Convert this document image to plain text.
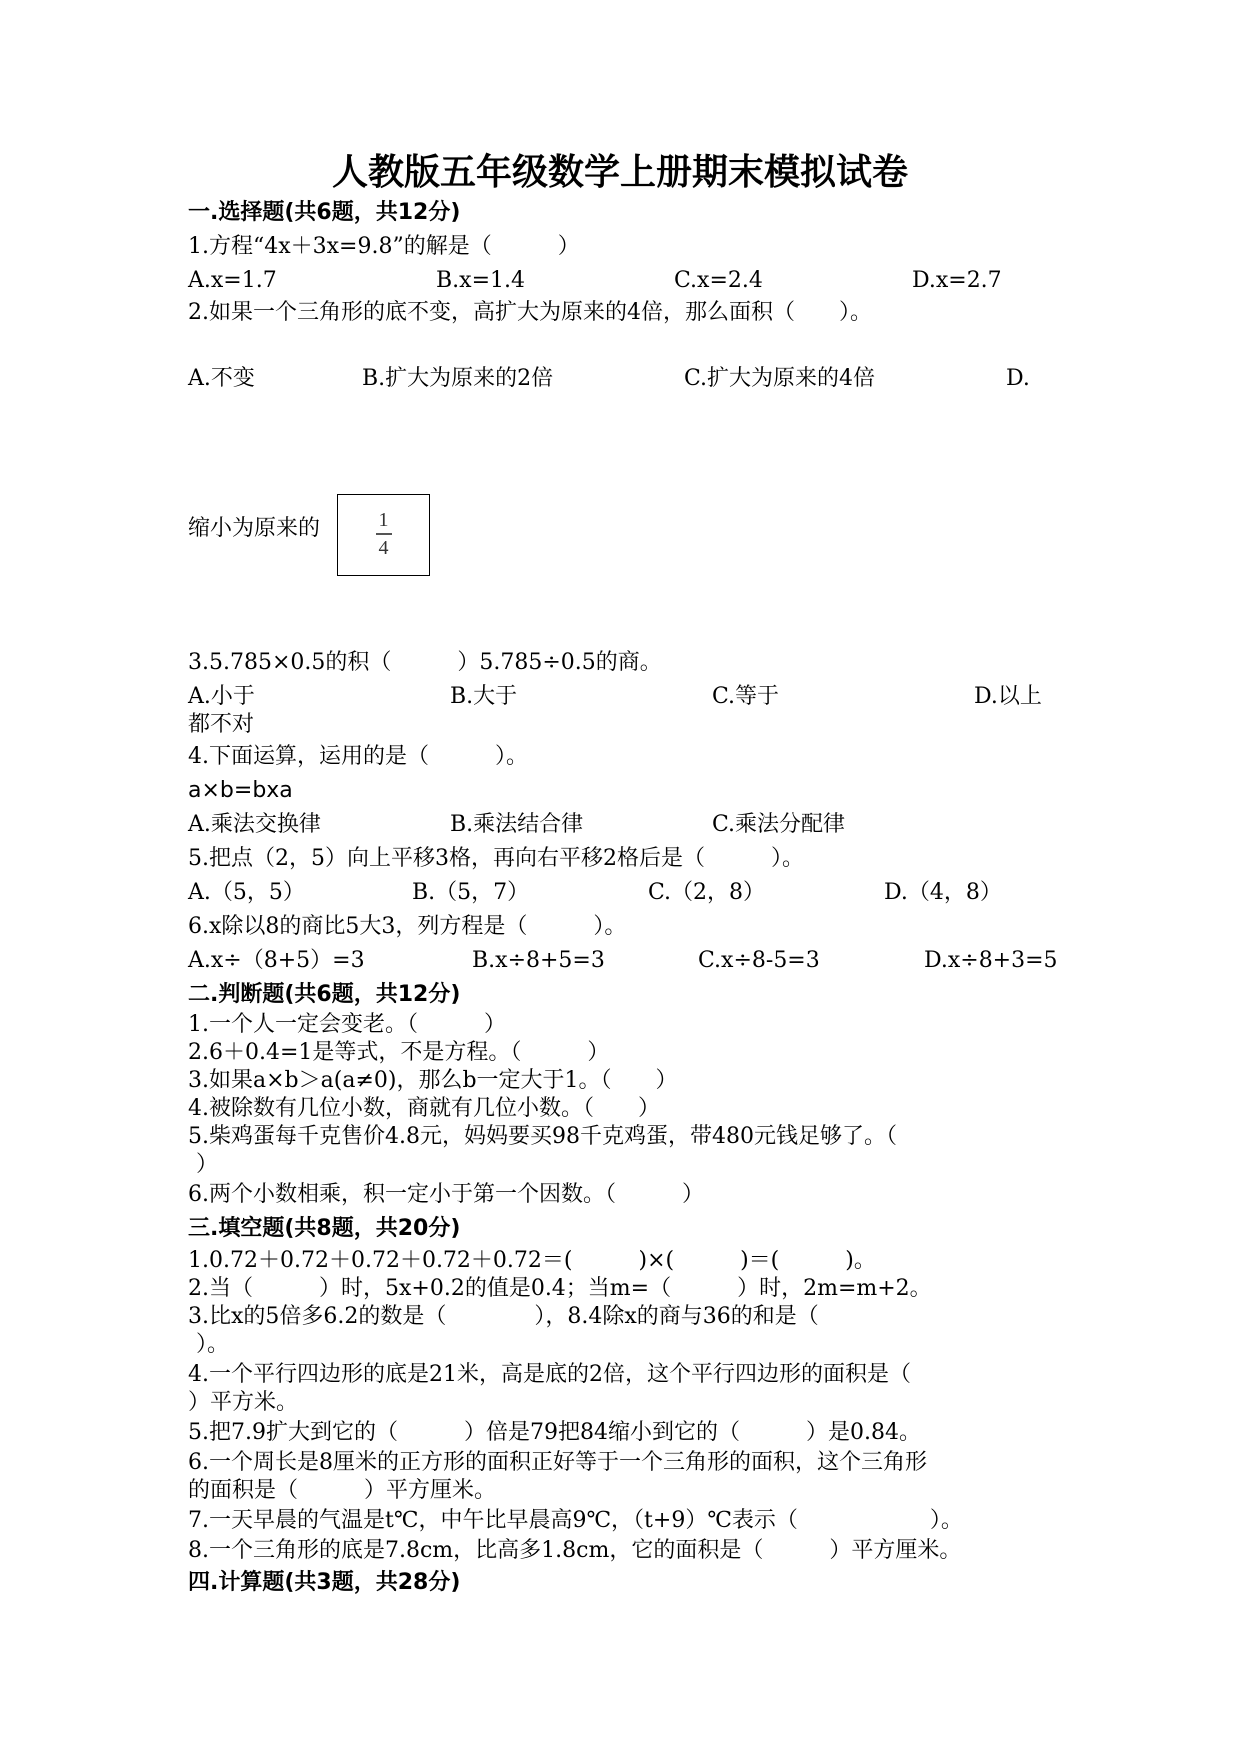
人教版五年级数学上册期末模拟试卷
一.选择题(共6题，共12分)
1.方程“4x＋3x=9.8”的解是（　　　）
A.x=1.7	B.x=1.4	C.x=2.4	D.x=2.7
2.如果一个三角形的底不变，高扩大为原来的4倍，那么面积（　　）。
A.不变	B.扩大为原来的2倍	C.扩大为原来的4倍	D.
缩小为原来的	1
4
3.5.785×0.5的积（　　　）5.785÷0.5的商。
A.小于	B.大于	C.等于	D.以上
都不对
4.下面运算，运用的是（　　　）。
a×b=bxa
A.乘法交换律	B.乘法结合律	C.乘法分配律
5.把点（2，5）向上平移3格，再向右平移2格后是（　　　）。
A.（5，5）	B.（5，7）	C.（2，8）	D.（4，8）
6.x除以8的商比5大3，列方程是（　　　）。
A.x÷（8+5）=3	B.x÷8+5=3	C.x÷8-5=3	D.x÷8+3=5
二.判断题(共6题，共12分)
1.一个人一定会变老。（　　　）
2.6＋0.4=1是等式，不是方程。（　　　）
3.如果a×b＞a(a≠0)，那么b一定大于1。（　　）
4.被除数有几位小数，商就有几位小数。（　　）
5.柴鸡蛋每千克售价4.8元，妈妈要买98千克鸡蛋，带480元钱足够了。（
）
6.两个小数相乘，积一定小于第一个因数。（　　　）
三.填空题(共8题，共20分)
1.0.72＋0.72＋0.72＋0.72＋0.72＝(　　　)×(　　　)＝(　　　)。
2.当（　　　）时，5x+0.2的值是0.4；当m=（　　　）时，2m=m+2。
3.比x的5倍多6.2的数是（　　　　），8.4除x的商与36的和是（
）。
4.一个平行四边形的底是21米，高是底的2倍，这个平行四边形的面积是（
）平方米。
5.把7.9扩大到它的（　　　）倍是79把84缩小到它的（　　　）是0.84。
6.一个周长是8厘米的正方形的面积正好等于一个三角形的面积，这个三角形
的面积是（　　　）平方厘米。
7.一天早晨的气温是t℃，中午比早晨高9℃，（t+9）℃表示（　　　　　　）。
8.一个三角形的底是7.8cm，比高多1.8cm，它的面积是（　　　）平方厘米。
四.计算题(共3题，共28分)
